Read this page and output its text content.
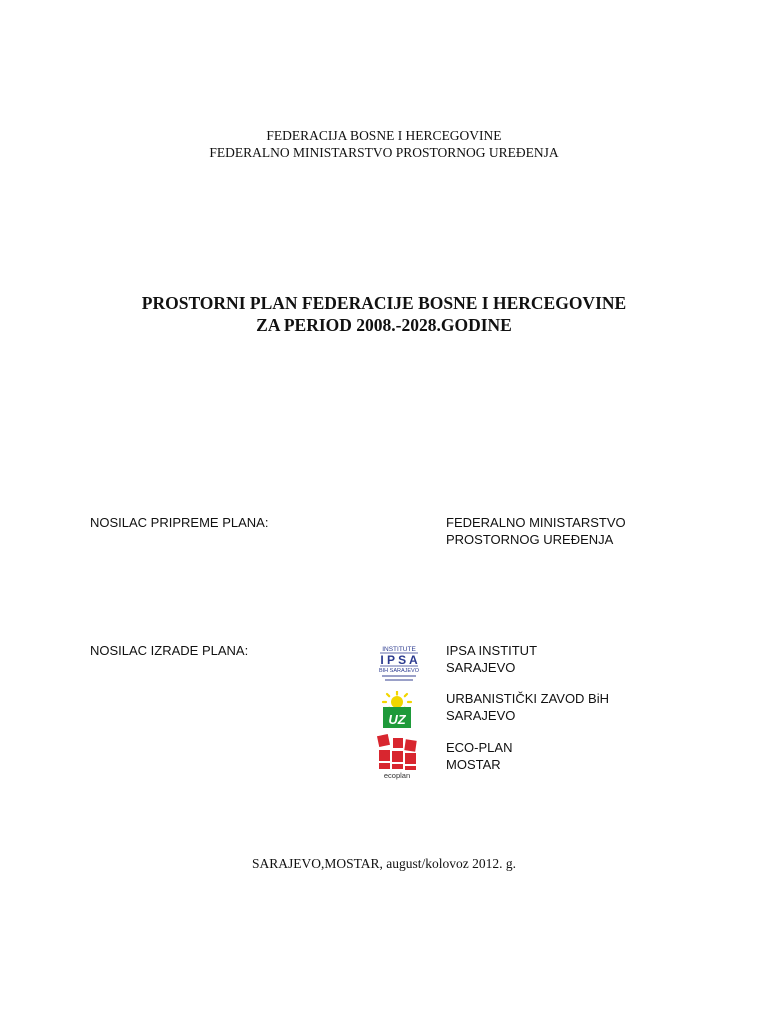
FEDERACIJA BOSNE I HERCEGOVINE
FEDERALNO MINISTARSTVO PROSTORNOG UREĐENJA
PROSTORNI PLAN FEDERACIJE BOSNE I HERCEGOVINE
ZA PERIOD 2008.-2028.GODINE
NOSILAC PRIPREME PLANA:	FEDERALNO MINISTARSTVO
PROSTORNOG UREĐENJA
NOSILAC IZRADE PLANA:	INSTITUTE
I P S A
BIH SARAJEVO
IPSA INSTITUT
SARAJEVO
UZ
URBANISTIČKI ZAVOD BiH
SARAJEVO
ecoplan
ECO-PLAN
MOSTAR
SARAJEVO,MOSTAR, august/kolovoz 2012. g.
